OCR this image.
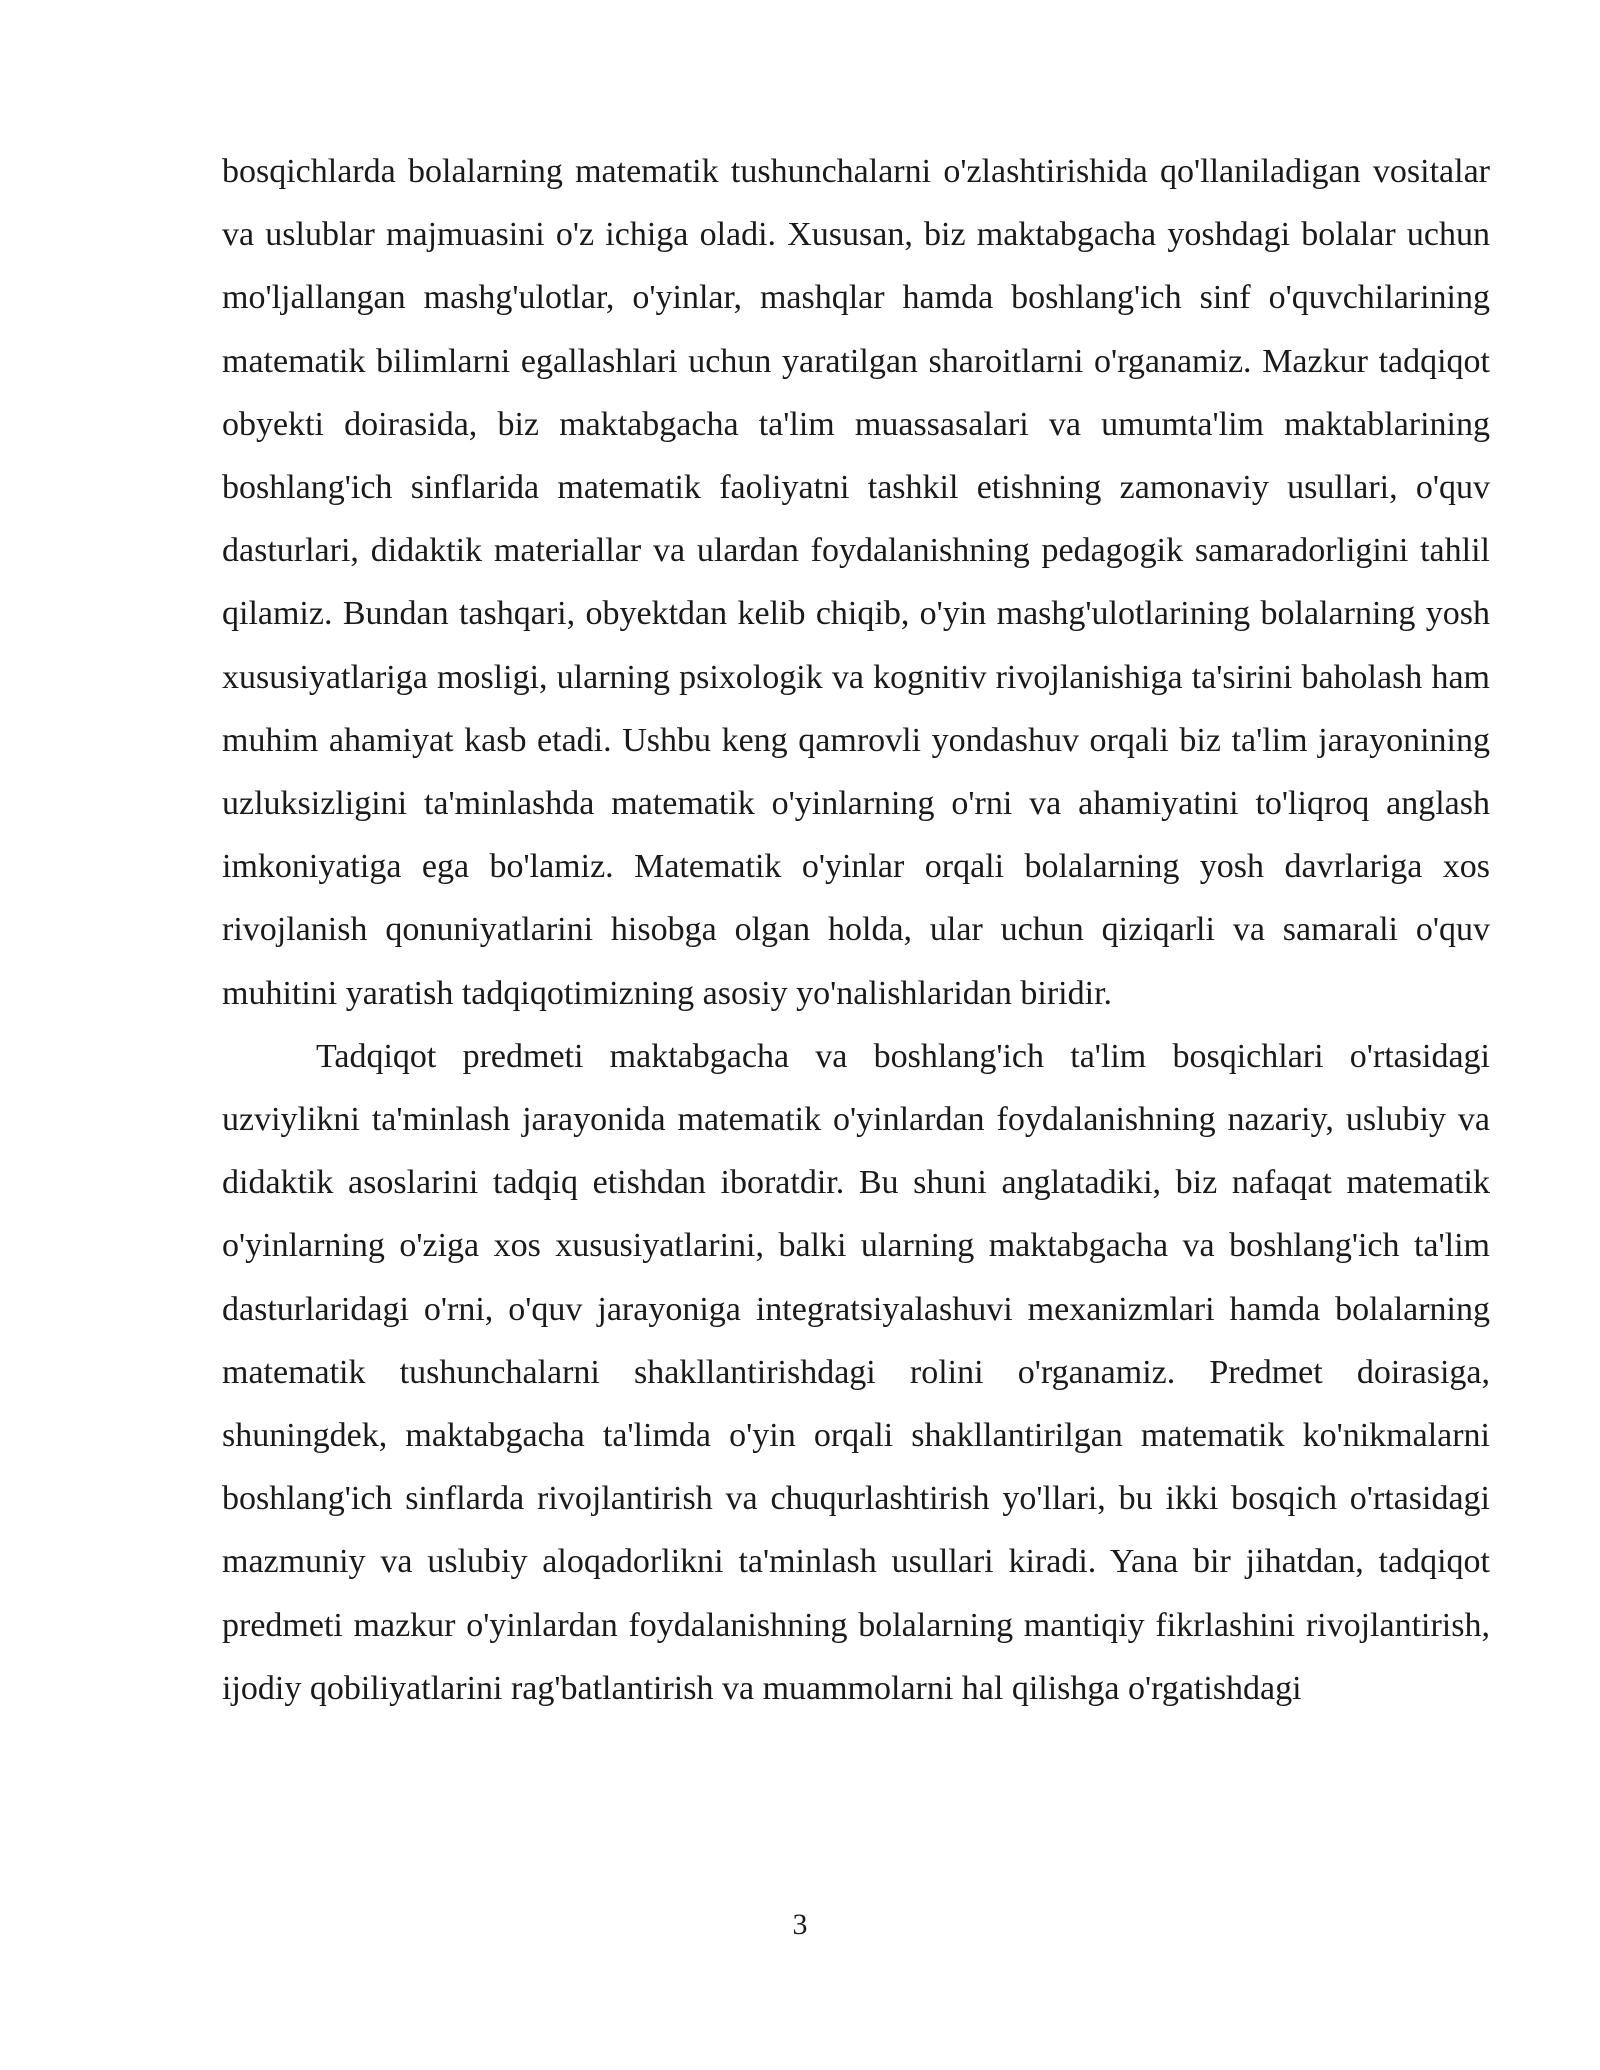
bosqichlarda bolalarning matematik tushunchalarni o'zlashtirishida qo'llaniladigan vositalar va uslublar majmuasini o'z ichiga oladi. Xususan, biz maktabgacha yoshdagi bolalar uchun mo'ljallangan mashg'ulotlar, o'yinlar, mashqlar hamda boshlang'ich sinf o'quvchilarining matematik bilimlarni egallashlari uchun yaratilgan sharoitlarni o'rganamiz. Mazkur tadqiqot obyekti doirasida, biz maktabgacha ta'lim muassasalari va umumta'lim maktablarining boshlang'ich sinflarida matematik faoliyatni tashkil etishning zamonaviy usullari, o'quv dasturlari, didaktik materiallar va ulardan foydalanishning pedagogik samaradorligini tahlil qilamiz. Bundan tashqari, obyektdan kelib chiqib, o'yin mashg'ulotlarining bolalarning yosh xususiyatlariga mosligi, ularning psixologik va kognitiv rivojlanishiga ta'sirini baholash ham muhim ahamiyat kasb etadi. Ushbu keng qamrovli yondashuv orqali biz ta'lim jarayonining uzluksizligini ta'minlashda matematik o'yinlarning o'rni va ahamiyatini to'liqroq anglash imkoniyatiga ega bo'lamiz. Matematik o'yinlar orqali bolalarning yosh davrlariga xos rivojlanish qonuniyatlarini hisobga olgan holda, ular uchun qiziqarli va samarali o'quv muhitini yaratish tadqiqotimizning asosiy yo'nalishlaridan biridir.

Tadqiqot predmeti maktabgacha va boshlang'ich ta'lim bosqichlari o'rtasidagi uzviylikni ta'minlash jarayonida matematik o'yinlardan foydalanishning nazariy, uslubiy va didaktik asoslarini tadqiq etishdan iboratdir. Bu shuni anglatadiki, biz nafaqat matematik o'yinlarning o'ziga xos xususiyatlarini, balki ularning maktabgacha va boshlang'ich ta'lim dasturlaridagi o'rni, o'quv jarayoniga integratsiyalashuvi mexanizmlari hamda bolalarning matematik tushunchalarni shakllantirishdagi rolini o'rganamiz. Predmet doirasiga, shuningdek, maktabgacha ta'limda o'yin orqali shakllantirilgan matematik ko'nikmalarni boshlang'ich sinflarda rivojlantirish va chuqurlashtirish yo'llari, bu ikki bosqich o'rtasidagi mazmuniy va uslubiy aloqadorlikni ta'minlash usullari kiradi. Yana bir jihatdan, tadqiqot predmeti mazkur o'yinlardan foydalanishning bolalarning mantiqiy fikrlashini rivojlantirish, ijodiy qobiliyatlarini rag'batlantirish va muammolarni hal qilishga o'rgatishdagi

3
